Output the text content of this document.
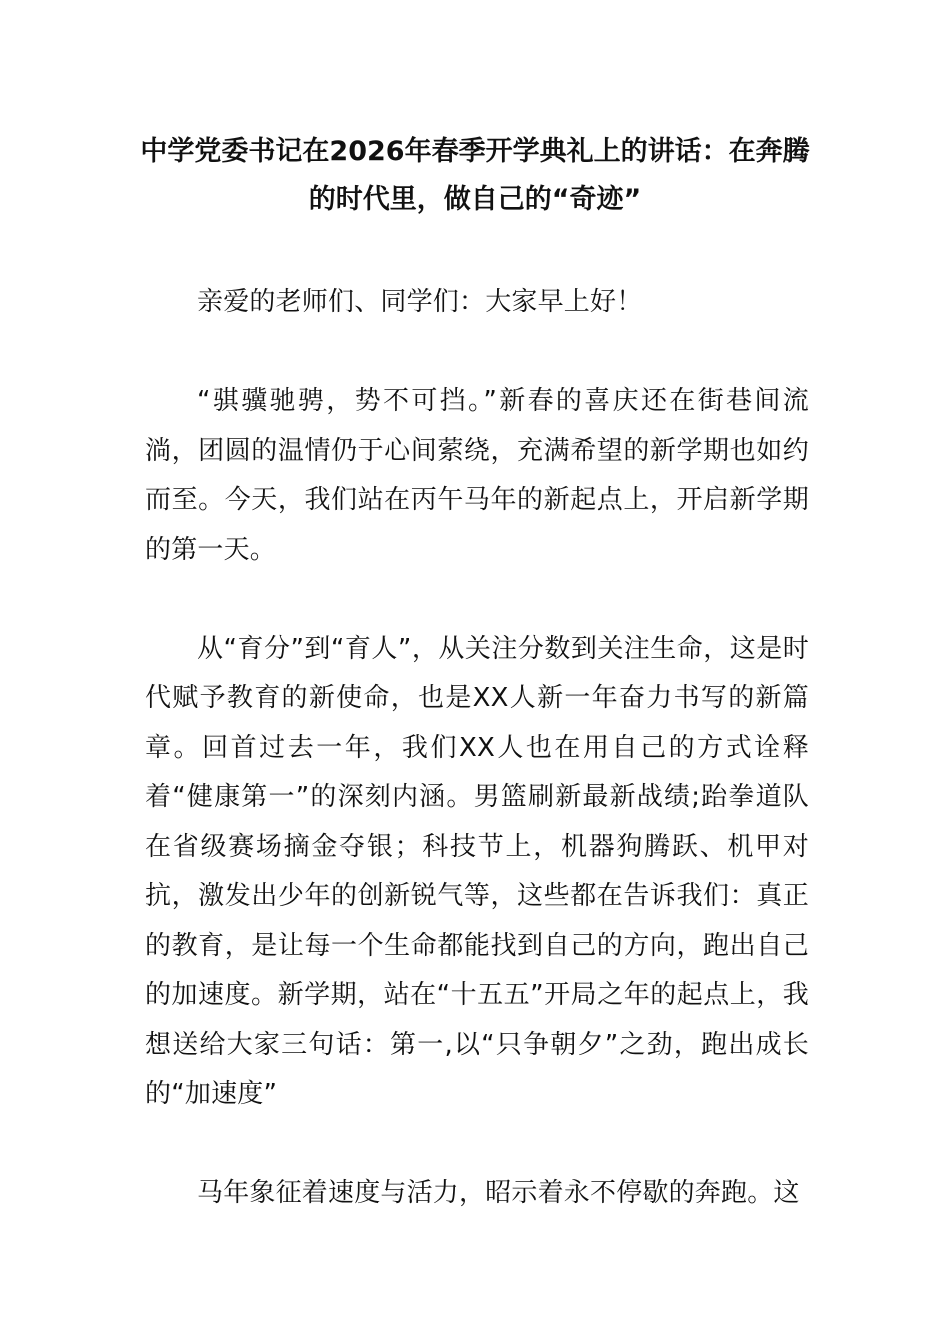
中学党委书记在2026年春季开学典礼上的讲话：在奔腾的时代里，做自己的“奇迹”

亲爱的老师们、同学们：大家早上好！

“骐骥驰骋，势不可挡。”新春的喜庆还在街巷间流淌，团圆的温情仍于心间萦绕，充满希望的新学期也如约而至。今天，我们站在丙午马年的新起点上，开启新学期的第一天。

从“育分”到“育人”，从关注分数到关注生命，这是时代赋予教育的新使命，也是XX人新一年奋力书写的新篇章。回首过去一年，我们XX人也在用自己的方式诠释着“健康第一”的深刻内涵。男篮刷新最新战绩;跆拳道队在省级赛场摘金夺银；科技节上，机器狗腾跃、机甲对抗，激发出少年的创新锐气等，这些都在告诉我们：真正的教育，是让每一个生命都能找到自己的方向，跑出自己的加速度。新学期，站在“十五五”开局之年的起点上，我想送给大家三句话：第一,以“只争朝夕”之劲，跑出成长的“加速度”

马年象征着速度与活力，昭示着永不停歇的奔跑。这
